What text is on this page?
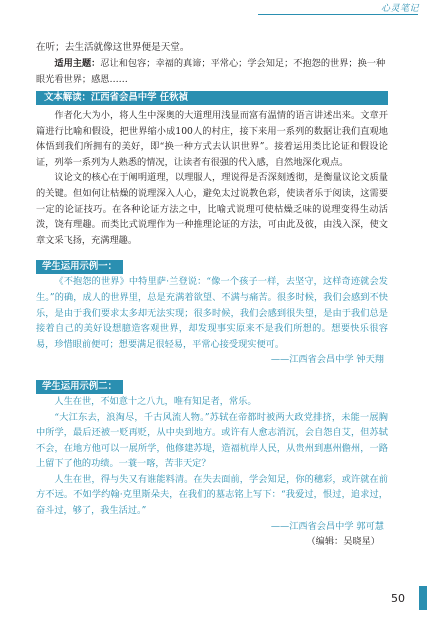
心灵笔记

在听；去生活就像这世界便是天堂。

适用主题：忍让和包容；幸福的真谛；平常心；学会知足；不抱怨的世界；换一种眼光看世界；感恩……

文本解读：江西省会昌中学 任秋禎

作者化大为小，将人生中深奥的大道理用浅显而富有温情的语言讲述出来。文章开篇进行比喻和假设，把世界缩小成100人的村庄，接下来用一系列的数据让我们直观地体悟到我们所拥有的美好，即“换一种方式去认识世界”。接着运用类比论证和假设论证，列举一系列为人熟悉的情况，让读者有很强的代入感，自然地深化观点。

议论文的核心在于阐明道理，以理服人，理说得是否深刻透彻，是衡量议论文质量的关键。但如何让枯燥的说理深入人心，避免太过说教色彩，使读者乐于阅读，这需要一定的论证技巧。在各种论证方法之中，比喻式说理可使枯燥乏味的说理变得生动活泼，饶有理趣。而类比式说理作为一种推理论证的方法，可由此及彼，由浅入深，使文章文采飞扬，充满理趣。

学生运用示例一：

《不抱怨的世界》中特里萨·兰登说：“像一个孩子一样，去坚守，这样奇迹就会发生。”的确，成人的世界里，总是充满着欲望、不满与痛苦。很多时候，我们会感到不快乐，是由于我们要求太多却无法实现；很多时候，我们会感到很失望，是由于我们总是接着自己的美好设想臆造客观世界，却发现事实原来不是我们所想的。想要快乐很容易，珍惜眼前便可；想要满足很轻易，平常心接受现实便可。

——江西省会昌中学 钟天翔

学生运用示例二：

人生在世，不如意十之八九，唯有知足者，常乐。

“大江东去，浪淘尽，千古风流人物。”苏轼在帝都时被两大政党排挤，未能一展胸中所学，最后还被一贬再贬，从中央到地方。或许有人愈志消沉，会自怨自艾，但苏轼不会，在地方他可以一展所学，他修建苏堤，造福杭岸人民，从贵州到惠州儋州，一路上留下了他的功绩。一蓑一喀，苦非天定？

人生在世，得与失又有谁能料清。在失去面前，学会知足，你的穗彩，或许就在前方不远。不如学约翰·克里斯朵夫，在我们的墓志铭上写下：“我爱过，恨过，追求过，奋斗过，够了，我生活过。”

——江西省会昌中学 郭可慧

（编辑：吴晓星）

50
